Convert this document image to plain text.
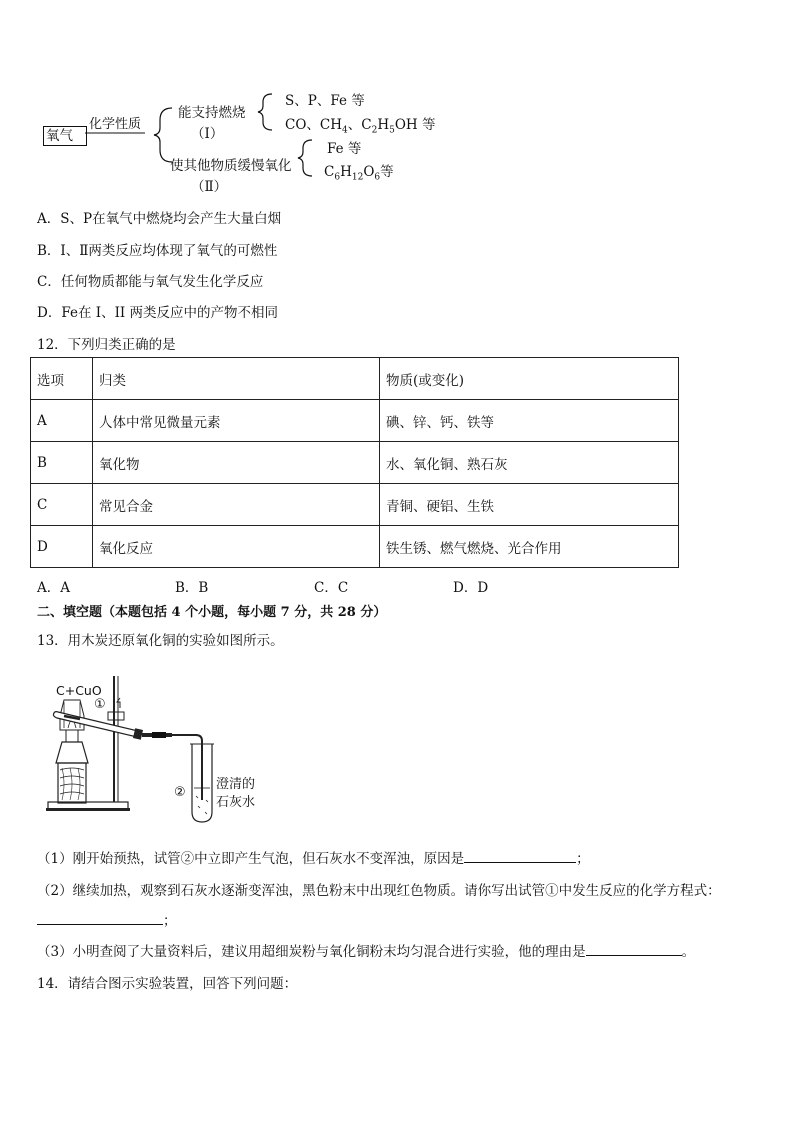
氧气
化学性质
能支持燃烧
（Ⅰ）
使其他物质缓慢氧化
（Ⅱ）
S、P、Fe 等
CO、$CH_4$、$C_2H_5OH$ 等
Fe 等
$C_6H_{12}O_6$等
A．S、P在氧气中燃烧均会产生大量白烟
B．I、Ⅱ两类反应均体现了氧气的可燃性
C．任何物质都能与氧气发生化学反应
D．Fe在 I、II 两类反应中的产物不相同
12．下列归类正确的是
选项	归类	物质(或变化)
A	人体中常见微量元素	碘、锌、钙、铁等
B	氧化物	水、氧化铜、熟石灰
C	常见合金	青铜、硬铝、生铁
D	氧化反应	铁生锈、燃气燃烧、光合作用
A．A	B．B	C．C	D．D
二、填空题（本题包括 4 个小题，每小题 7 分，共 28 分）
13．用木炭还原氧化铜的实验如图所示。
C+CuO
①
②
澄清的
石灰水
（1）刚开始预热，试管②中立即产生气泡，但石灰水不变浑浊，原因是	；
（2）继续加热，观察到石灰水逐渐变浑浊，黑色粉末中出现红色物质。请你写出试管①中发生反应的化学方程式：
；
（3）小明查阅了大量资料后，建议用超细炭粉与氧化铜粉末均匀混合进行实验，他的理由是	。
14．请结合图示实验装置，回答下列问题：
